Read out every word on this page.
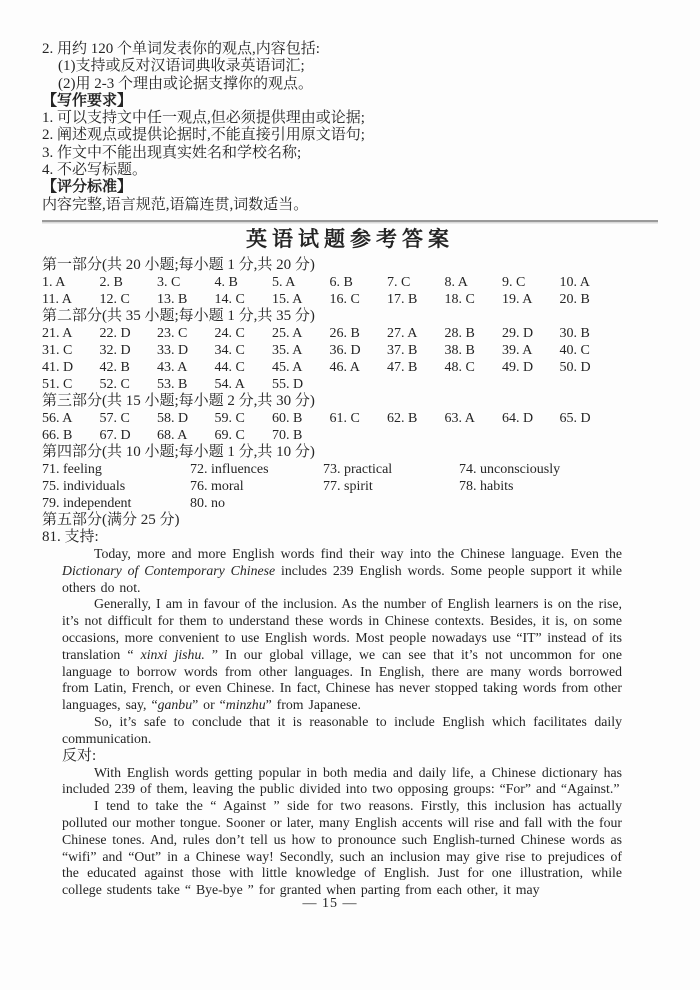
2. 用约 120 个单词发表你的观点,内容包括:
(1)支持或反对汉语词典收录英语词汇;
(2)用 2-3 个理由或论据支撑你的观点。
【写作要求】
1. 可以支持文中任一观点,但必须提供理由或论据;
2. 阐述观点或提供论据时,不能直接引用原文语句;
3. 作文中不能出现真实姓名和学校名称;
4. 不必写标题。
【评分标准】
内容完整,语言规范,语篇连贯,词数适当。
英语试题参考答案
第一部分(共 20 小题;每小题 1 分,共 20 分)
1. A	2. B	3. C	4. B	5. A	6. B	7. C	8. A	9. C	10. A
11. A	12. C	13. B	14. C	15. A	16. C	17. B	18. C	19. A	20. B
第二部分(共 35 小题;每小题 1 分,共 35 分)
21. A	22. D	23. C	24. C	25. A	26. B	27. A	28. B	29. D	30. B
31. C	32. D	33. D	34. C	35. A	36. D	37. B	38. B	39. A	40. C
41. D	42. B	43. A	44. C	45. A	46. A	47. B	48. C	49. D	50. D
51. C	52. C	53. B	54. A	55. D
第三部分(共 15 小题;每小题 2 分,共 30 分)
56. A	57. C	58. D	59. C	60. B	61. C	62. B	63. A	64. D	65. D
66. B	67. D	68. A	69. C	70. B
第四部分(共 10 小题;每小题 1 分,共 10 分)
71. feeling	72. influences	73. practical	74. unconsciously
75. individuals	76. moral	77. spirit	78. habits
79. independent	80. no
第五部分(满分 25 分)
81. 支持:
Today, more and more English words find their way into the Chinese language. Even the Dictionary of Contemporary Chinese includes 239 English words. Some people support it while others do not.
Generally, I am in favour of the inclusion. As the number of English learners is on the rise, it’s not difficult for them to understand these words in Chinese contexts. Besides, it is, on some occasions, more convenient to use English words. Most people nowadays use “IT” instead of its translation “ xinxi jishu. ” In our global village, we can see that it’s not uncommon for one language to borrow words from other languages. In English, there are many words borrowed from Latin, French, or even Chinese. In fact, Chinese has never stopped taking words from other languages, say, “ganbu” or “minzhu” from Japanese.
So, it’s safe to conclude that it is reasonable to include English which facilitates daily communication.
反对:
With English words getting popular in both media and daily life, a Chinese dictionary has included 239 of them, leaving the public divided into two opposing groups: “For” and “Against.”
I tend to take the “ Against ” side for two reasons. Firstly, this inclusion has actually polluted our mother tongue. Sooner or later, many English accents will rise and fall with the four Chinese tones. And, rules don’t tell us how to pronounce such English-turned Chinese words as “wifi” and “Out” in a Chinese way! Secondly, such an inclusion may give rise to prejudices of the educated against those with little knowledge of English. Just for one illustration, while college students take “ Bye-bye ” for granted when parting from each other, it may
— 15 —
